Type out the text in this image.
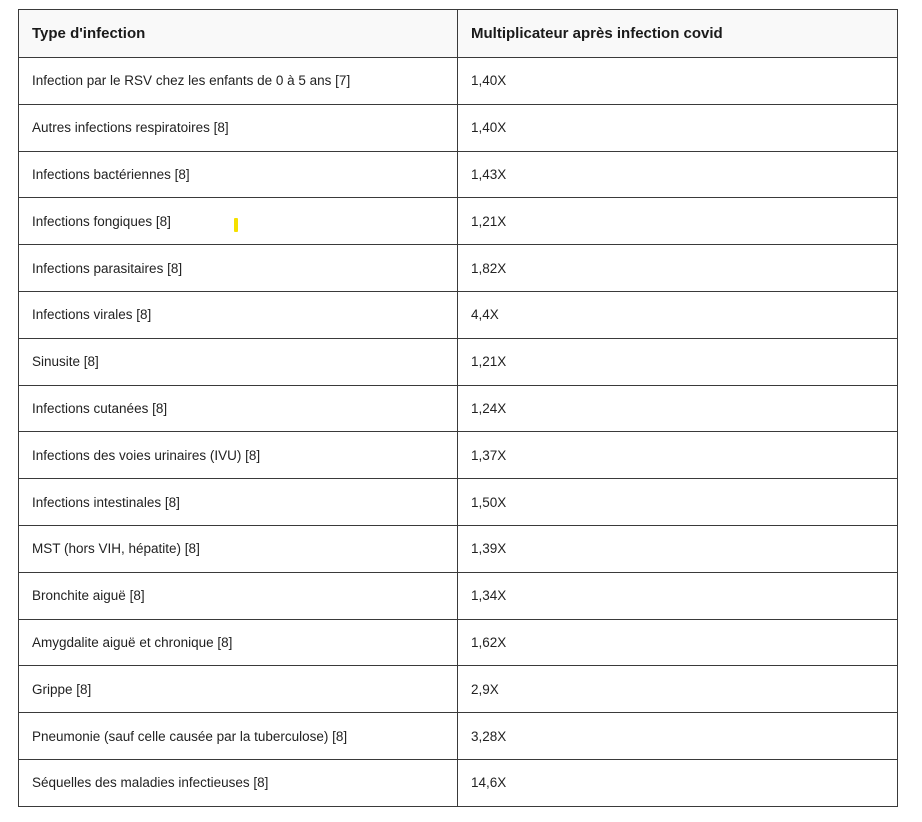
Type d'infection	Multiplicateur après infection covid
Infection par le RSV chez les enfants de 0 à 5 ans [7]	1,40X
Autres infections respiratoires [8]	1,40X
Infections bactériennes [8]	1,43X
Infections fongiques [8]	1,21X
Infections parasitaires [8]	1,82X
Infections virales [8]	4,4X
Sinusite [8]	1,21X
Infections cutanées [8]	1,24X
Infections des voies urinaires (IVU) [8]	1,37X
Infections intestinales [8]	1,50X
MST (hors VIH, hépatite) [8]	1,39X
Bronchite aiguë [8]	1,34X
Amygdalite aiguë et chronique [8]	1,62X
Grippe [8]	2,9X
Pneumonie (sauf celle causée par la tuberculose) [8]	3,28X
Séquelles des maladies infectieuses [8]	14,6X
